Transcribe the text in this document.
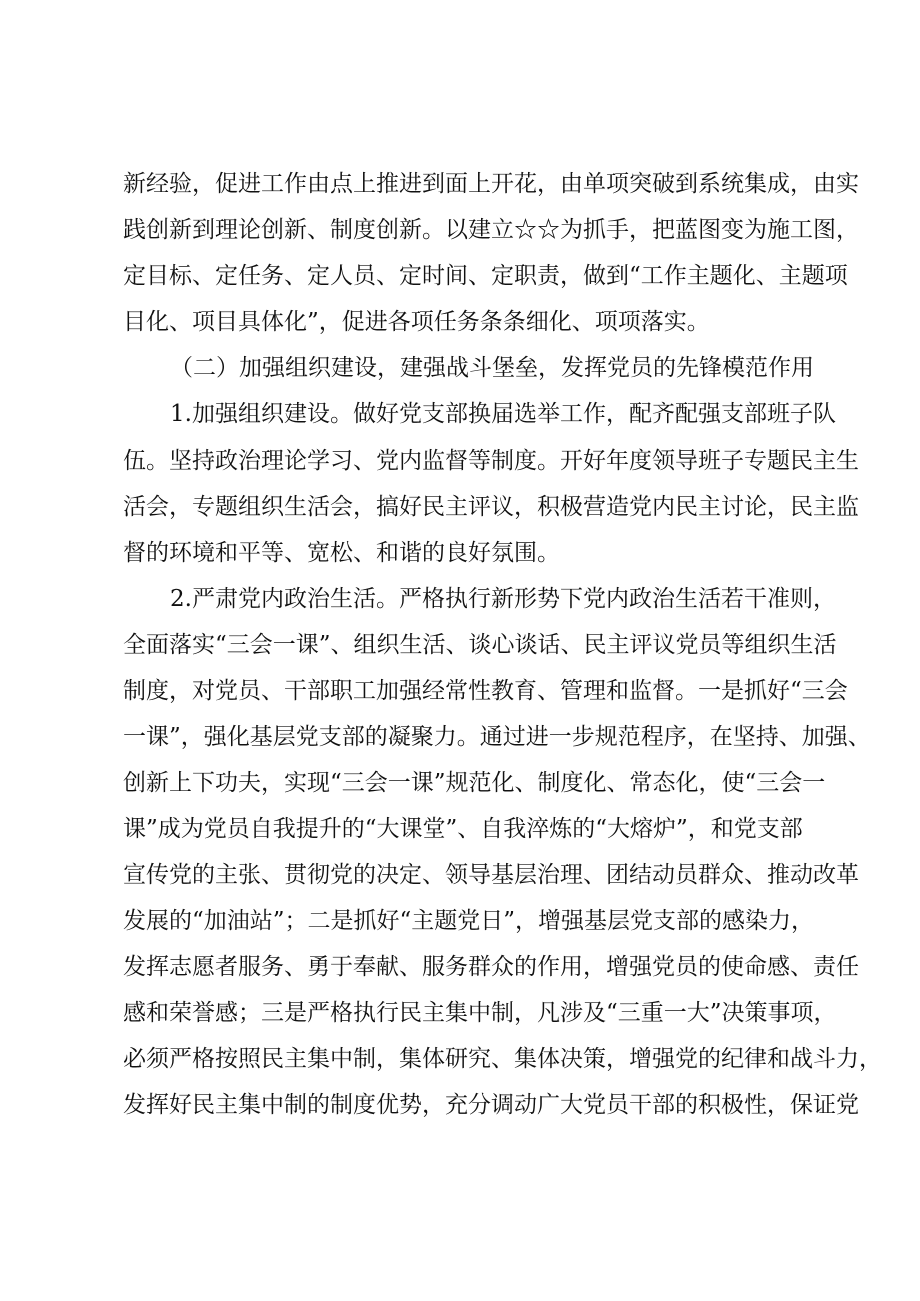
新经验，促进工作由点上推进到面上开花，由单项突破到系统集成，由实

践创新到理论创新、制度创新。以建立☆☆为抓手，把蓝图变为施工图，

定目标、定任务、定人员、定时间、定职责，做到“工作主题化、主题项

目化、项目具体化”，促进各项任务条条细化、项项落实。

（二）加强组织建设，建强战斗堡垒，发挥党员的先锋模范作用

1.加强组织建设。做好党支部换届选举工作，配齐配强支部班子队

伍。坚持政治理论学习、党内监督等制度。开好年度领导班子专题民主生

活会，专题组织生活会，搞好民主评议，积极营造党内民主讨论，民主监

督的环境和平等、宽松、和谐的良好氛围。

2.严肃党内政治生活。严格执行新形势下党内政治生活若干准则，

全面落实“三会一课”、组织生活、谈心谈话、民主评议党员等组织生活

制度，对党员、干部职工加强经常性教育、管理和监督。一是抓好“三会

一课”，强化基层党支部的凝聚力。通过进一步规范程序，在坚持、加强、

创新上下功夫，实现“三会一课”规范化、制度化、常态化，使“三会一

课”成为党员自我提升的“大课堂”、自我淬炼的“大熔炉”，和党支部

宣传党的主张、贯彻党的决定、领导基层治理、团结动员群众、推动改革

发展的“加油站”；二是抓好“主题党日”，增强基层党支部的感染力，

发挥志愿者服务、勇于奉献、服务群众的作用，增强党员的使命感、责任

感和荣誉感；三是严格执行民主集中制，凡涉及“三重一大”决策事项，

必须严格按照民主集中制，集体研究、集体决策，增强党的纪律和战斗力，

发挥好民主集中制的制度优势，充分调动广大党员干部的积极性，保证党
